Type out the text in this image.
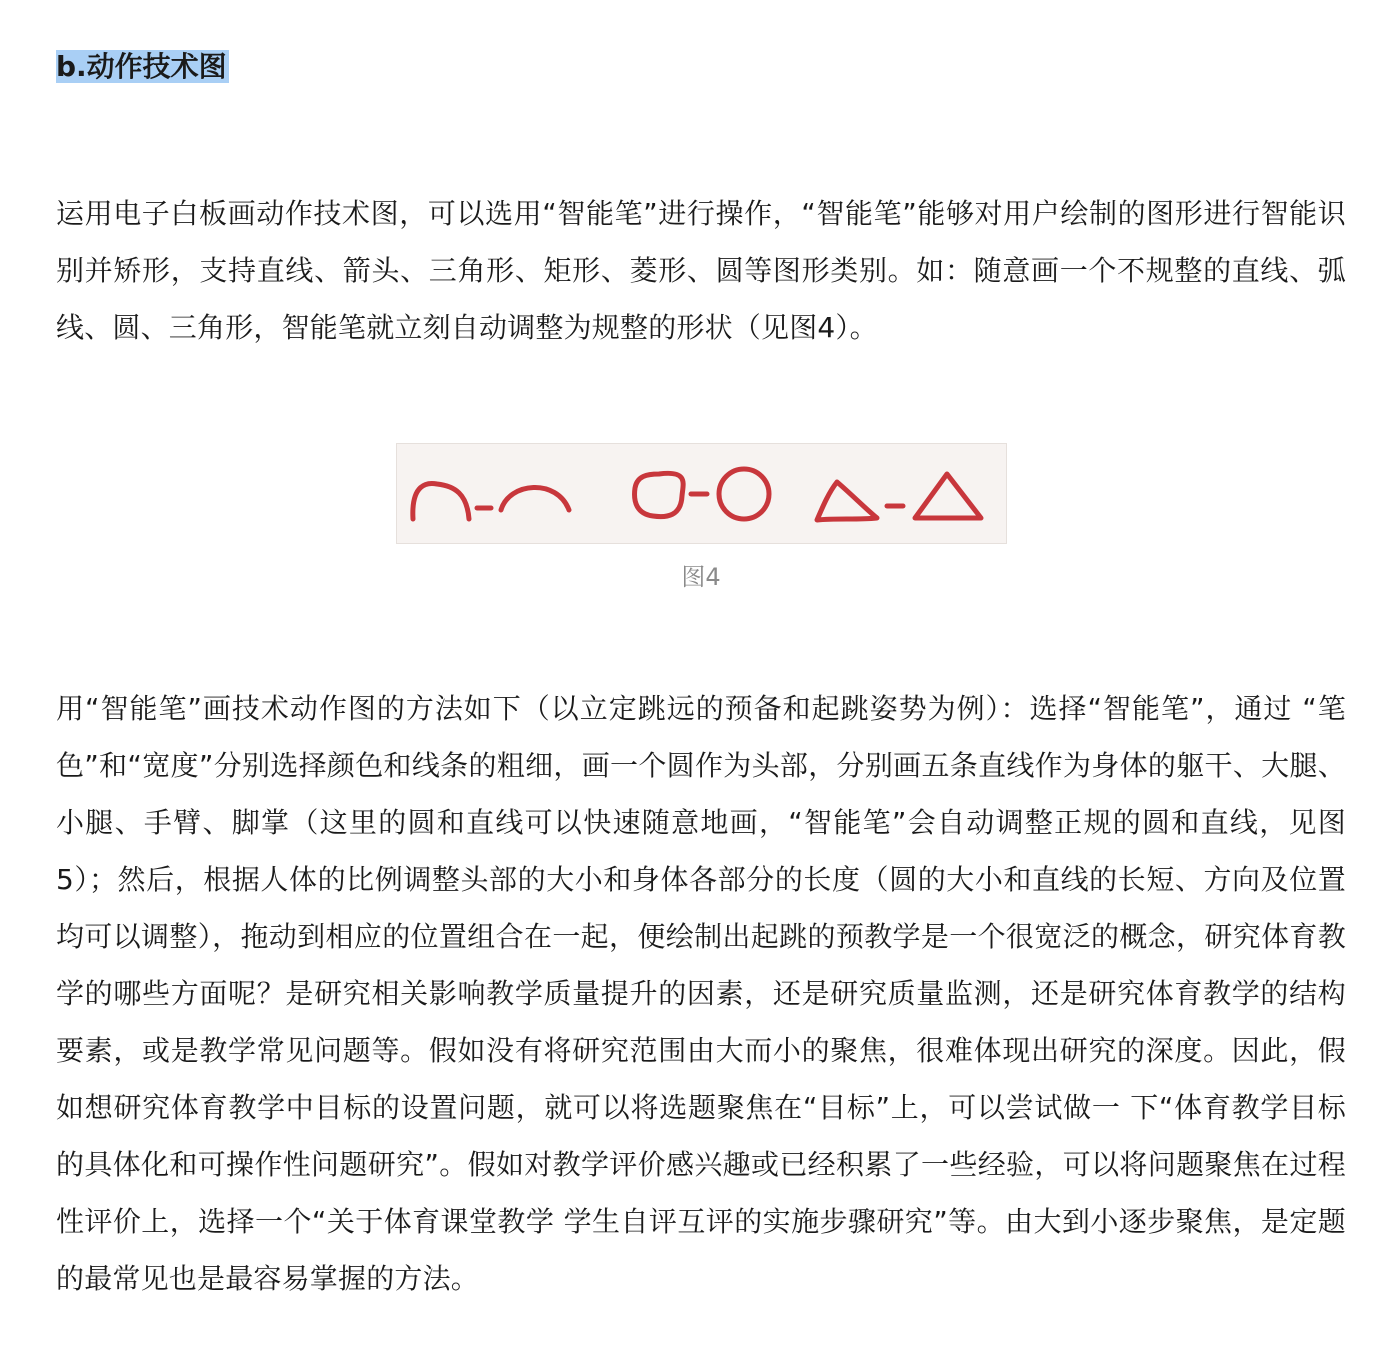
b.动作技术图

运用电子白板画动作技术图，可以选用“智能笔”进行操作，“智能笔”能够对用户绘制的图形进行智能识别并矫形，支持直线、箭头、三角形、矩形、菱形、圆等图形类别。如：随意画一个不规整的直线、弧线、圆、三角形，智能笔就立刻自动调整为规整的形状（见图4）。

图4

用“智能笔”画技术动作图的方法如下（以立定跳远的预备和起跳姿势为例）：选择“智能笔”，通过 “笔色”和“宽度”分别选择颜色和线条的粗细，画一个圆作为头部，分别画五条直线作为身体的躯干、大腿、小腿、手臂、脚掌（这里的圆和直线可以快速随意地画，“智能笔”会自动调整正规的圆和直线，见图5）；然后，根据人体的比例调整头部的大小和身体各部分的长度（圆的大小和直线的长短、方向及位置均可以调整），拖动到相应的位置组合在一起，便绘制出起跳的预教学是一个很宽泛的概念，研究体育教学的哪些方面呢？是研究相关影响教学质量提升的因素，还是研究质量监测，还是研究体育教学的结构要素，或是教学常见问题等。假如没有将研究范围由大而小的聚焦，很难体现出研究的深度。因此，假如想研究体育教学中目标的设置问题，就可以将选题聚焦在“目标”上，可以尝试做一 下“体育教学目标的具体化和可操作性问题研究”。假如对教学评价感兴趣或已经积累了一些经验，可以将问题聚焦在过程性评价上，选择一个“关于体育课堂教学 学生自评互评的实施步骤研究”等。由大到小逐步聚焦，是定题的最常见也是最容易掌握的方法。
